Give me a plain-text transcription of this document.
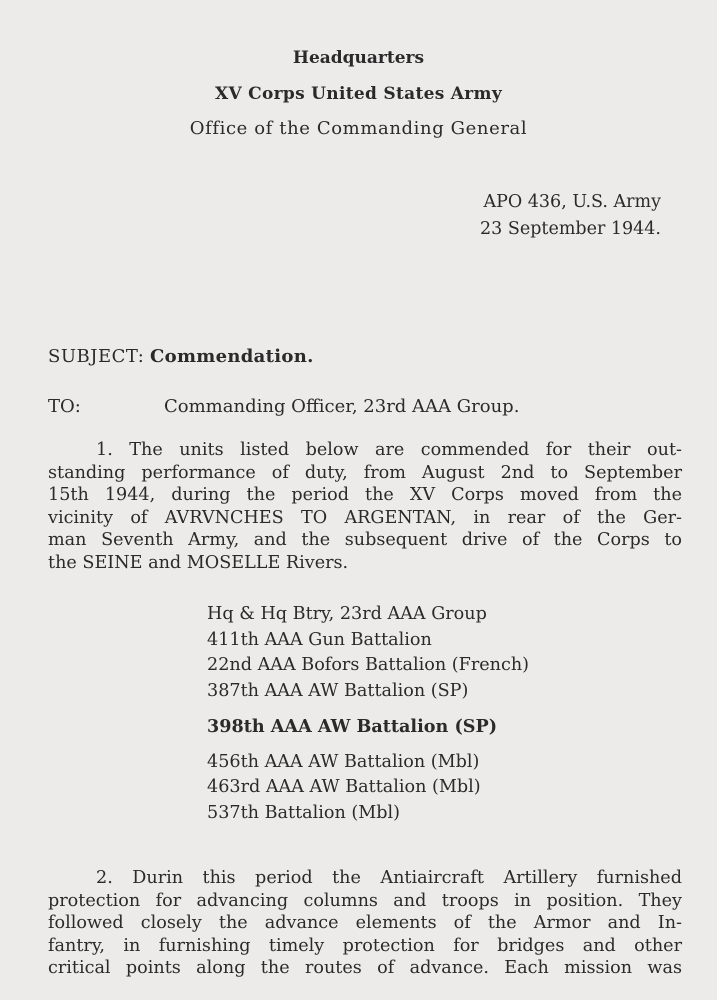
Headquarters
XV Corps United States Army
Office of the Commanding General
APO 436, U.S. Army
23 September 1944.
SUBJECT: Commendation.
TO:	Commanding Officer, 23rd AAA Group.
1. The units listed below are commended for their out-
standing performance of duty, from August 2nd to September
15th 1944, during the period the XV Corps moved from the
vicinity of AVRVNCHES TO ARGENTAN, in rear of the Ger-
man Seventh Army, and the subsequent drive of the Corps to
the SEINE and MOSELLE Rivers.
Hq & Hq Btry, 23rd AAA Group
411th AAA Gun Battalion
22nd AAA Bofors Battalion (French)
387th AAA AW Battalion (SP)
398th AAA AW Battalion (SP)
456th AAA AW Battalion (Mbl)
463rd AAA AW Battalion (Mbl)
537th Battalion (Mbl)
2. Durin this period the Antiaircraft Artillery furnished
protection for advancing columns and troops in position. They
followed closely the advance elements of the Armor and In-
fantry, in furnishing timely protection for bridges and other
critical points along the routes of advance. Each mission was
